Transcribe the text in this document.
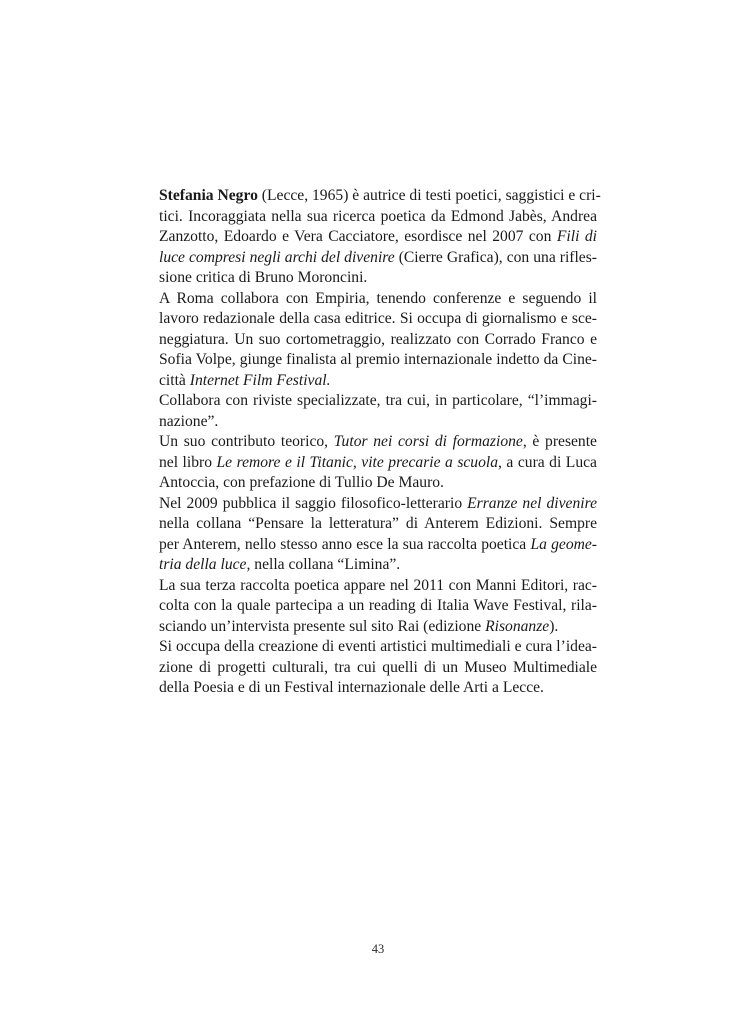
Stefania Negro (Lecce, 1965) è autrice di testi poetici, saggistici e cri-
tici. Incoraggiata nella sua ricerca poetica da Edmond Jabès, Andrea
Zanzotto, Edoardo e Vera Cacciatore, esordisce nel 2007 con Fili di
luce compresi negli archi del divenire (Cierre Grafica), con una rifles-
sione critica di Bruno Moroncini.
A Roma collabora con Empiria, tenendo conferenze e seguendo il
lavoro redazionale della casa editrice. Si occupa di giornalismo e sce-
neggiatura. Un suo cortometraggio, realizzato con Corrado Franco e
Sofia Volpe, giunge finalista al premio internazionale indetto da Cine-
città Internet Film Festival.
Collabora con riviste specializzate, tra cui, in particolare, “l’immagi-
nazione”.
Un suo contributo teorico, Tutor nei corsi di formazione, è presente
nel libro Le remore e il Titanic, vite precarie a scuola, a cura di Luca
Antoccia, con prefazione di Tullio De Mauro.
Nel 2009 pubblica il saggio filosofico-letterario Erranze nel divenire
nella collana “Pensare la letteratura” di Anterem Edizioni. Sempre
per Anterem, nello stesso anno esce la sua raccolta poetica La geome-
tria della luce, nella collana “Limina”.
La sua terza raccolta poetica appare nel 2011 con Manni Editori, rac-
colta con la quale partecipa a un reading di Italia Wave Festival, rila-
sciando un’intervista presente sul sito Rai (edizione Risonanze).
Si occupa della creazione di eventi artistici multimediali e cura l’idea-
zione di progetti culturali, tra cui quelli di un Museo Multimediale
della Poesia e di un Festival internazionale delle Arti a Lecce.
43
